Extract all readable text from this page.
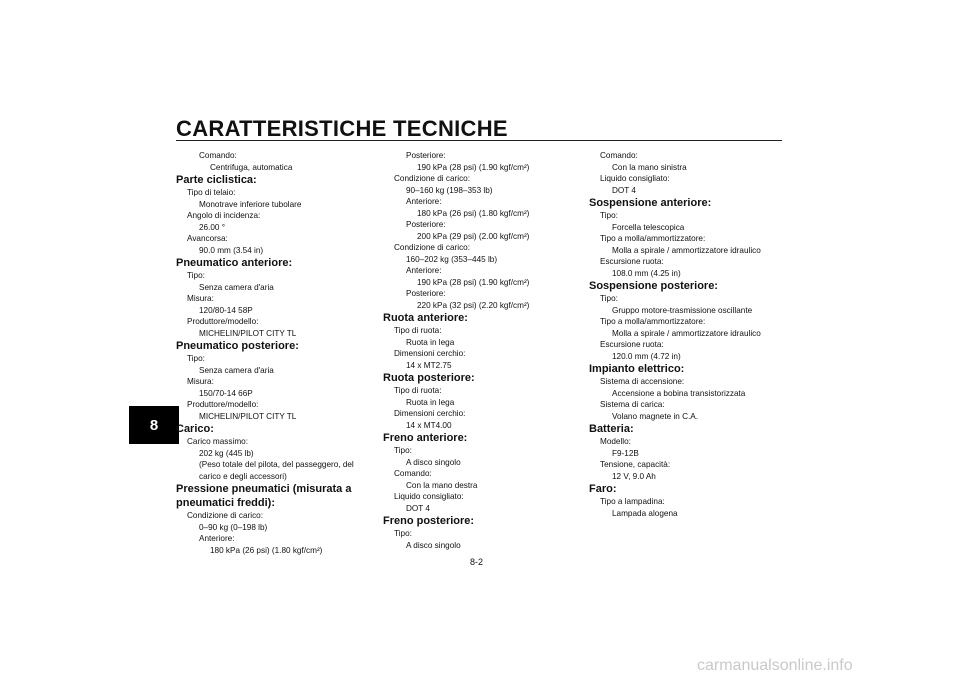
CARATTERISTICHE TECNICHE
8
Comando:
Centrifuga, automatica
Parte ciclistica:
Tipo di telaio:
Monotrave inferiore tubolare
Angolo di incidenza:
26.00 °
Avancorsa:
90.0 mm (3.54 in)
Pneumatico anteriore:
Tipo:
Senza camera d'aria
Misura:
120/80-14 58P
Produttore/modello:
MICHELIN/PILOT CITY TL
Pneumatico posteriore:
Tipo:
Senza camera d'aria
Misura:
150/70-14 66P
Produttore/modello:
MICHELIN/PILOT CITY TL
Carico:
Carico massimo:
202 kg (445 lb)
(Peso totale del pilota, del passeggero, del
carico e degli accessori)
Pressione pneumatici (misurata a
pneumatici freddi):
Condizione di carico:
0–90 kg (0–198 lb)
Anteriore:
180 kPa (26 psi) (1.80 kgf/cm²)
Posteriore:
190 kPa (28 psi) (1.90 kgf/cm²)
Condizione di carico:
90–160 kg (198–353 lb)
Anteriore:
180 kPa (26 psi) (1.80 kgf/cm²)
Posteriore:
200 kPa (29 psi) (2.00 kgf/cm²)
Condizione di carico:
160–202 kg (353–445 lb)
Anteriore:
190 kPa (28 psi) (1.90 kgf/cm²)
Posteriore:
220 kPa (32 psi) (2.20 kgf/cm²)
Ruota anteriore:
Tipo di ruota:
Ruota in lega
Dimensioni cerchio:
14 x MT2.75
Ruota posteriore:
Tipo di ruota:
Ruota in lega
Dimensioni cerchio:
14 x MT4.00
Freno anteriore:
Tipo:
A disco singolo
Comando:
Con la mano destra
Liquido consigliato:
DOT 4
Freno posteriore:
Tipo:
A disco singolo
Comando:
Con la mano sinistra
Liquido consigliato:
DOT 4
Sospensione anteriore:
Tipo:
Forcella telescopica
Tipo a molla/ammortizzatore:
Molla a spirale / ammortizzatore idraulico
Escursione ruota:
108.0 mm (4.25 in)
Sospensione posteriore:
Tipo:
Gruppo motore-trasmissione oscillante
Tipo a molla/ammortizzatore:
Molla a spirale / ammortizzatore idraulico
Escursione ruota:
120.0 mm (4.72 in)
Impianto elettrico:
Sistema di accensione:
Accensione a bobina transistorizzata
Sistema di carica:
Volano magnete in C.A.
Batteria:
Modello:
F9-12B
Tensione, capacità:
12 V, 9.0 Ah
Faro:
Tipo a lampadina:
Lampada alogena
8-2
carmanualsonline.info
